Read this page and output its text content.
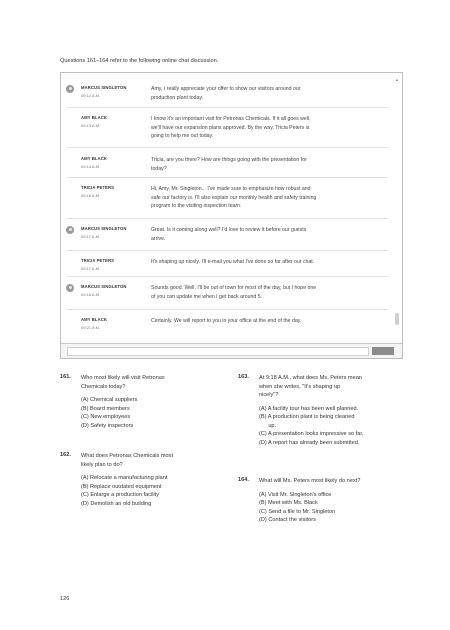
Questions 161–164 refer to the following online chat discussion.
MARCUS SINGLETON
09:12 A.M.
Amy, I really appreciate your offer to show our visitors around our
production plant today.
AMY BLACK
09:13 A.M.
I know it's an important visit for Petronas Chemicals. If it all goes well,
we'll have our expansion plans approved. By the way, Tricia Peters is
going to help me out today.
AMY BLACK
09:14 A.M.
Tricia, are you there? How are things going with the presentation for
today?
TRICIA PETERS
09:16 A.M.
Hi, Amy. Mr. Singleton... I've made sure to emphasize how robust and
safe our factory is. I'll also explain our monthly health and safety training
program to the visiting inspection team.
MARCUS SINGLETON
09:17 A.M.
Great. Is it coming along well? I'd love to review it before our guests
arrive.
TRICIA PETERS
09:17 A.M.
It's shaping up nicely. I'll e-mail you what I've done so far after our chat.
MARCUS SINGLETON
09:18 A.M.
Sounds good. Well, I'll be out of town for most of the day, but I hope one
of you can update me when I get back around 5.
AMY BLACK
09:21 A.M.
Certainly. We will report to you in your office at the end of the day.
▲
161. Who most likely will visit Petronas
Chemicals today?
(A) Chemical suppliers
(B) Board members
(C) New employees
(D) Safety inspectors
162. What does Petronas Chemicals most
likely plan to do?
(A) Relocate a manufacturing plant
(B) Replace outdated equipment
(C) Enlarge a production facility
(D) Demolish an old building
163. At 9:18 A.M., what does Ms. Peters mean
when she writes, "It's shaping up
nicely"?
(A) A facility tour has been well planned.
(B) A production plant is being cleaned
up.
(C) A presentation looks impressive so far.
(D) A report has already been submitted.
164. What will Ms. Peters most likely do next?
(A) Visit Mr. Singleton's office
(B) Meet with Ms. Black
(C) Send a file to Mr. Singleton
(D) Contact the visitors
126
